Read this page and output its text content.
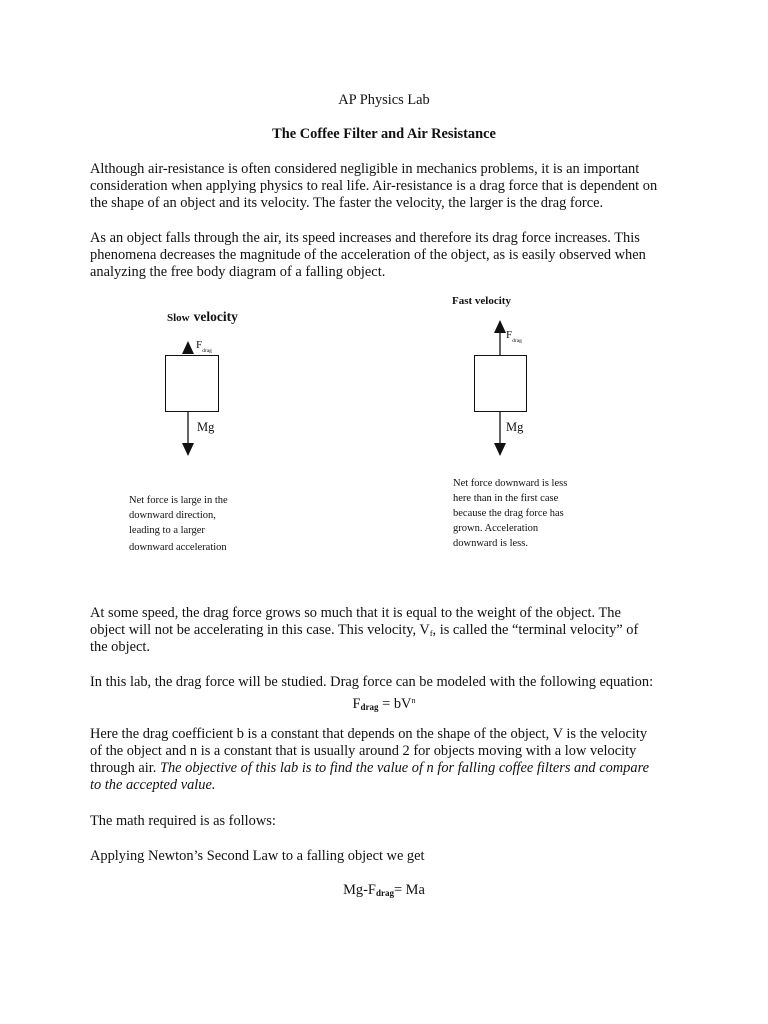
AP Physics Lab
The Coffee Filter and Air Resistance
Although air-resistance is often considered negligible in mechanics problems, it is an important
consideration when applying physics to real life. Air-resistance is a drag force that is dependent on
the shape of an object and its velocity. The faster the velocity, the larger is the drag force.
As an object falls through the air, its speed increases and therefore its drag force increases. This
phenomena decreases the magnitude of the acceleration of the object, as is easily observed when
analyzing the free body diagram of a falling object.
Slow velocity
$F_{drag}$
Mg
Net force is large in the
downward direction,
leading to a larger
downward acceleration
Fast velocity
$F_{drag}$
Mg
Net force downward is less
here than in the first case
because the drag force has
grown. Acceleration
downward is less.
At some speed, the drag force grows so much that it is equal to the weight of the object. The
object will not be accelerating in this case. This velocity, $V_f$, is called the “terminal velocity” of
the object.
In this lab, the drag force will be studied. Drag force can be modeled with the following equation:
$F_{drag} = bV^n$
Here the drag coefficient b is a constant that depends on the shape of the object, V is the velocity
of the object and n is a constant that is usually around 2 for objects moving with a low velocity
through air. The objective of this lab is to find the value of n for falling coffee filters and compare
to the accepted value.
The math required is as follows:
Applying Newton’s Second Law to a falling object we get
$Mg-F_{drag}= Ma$
